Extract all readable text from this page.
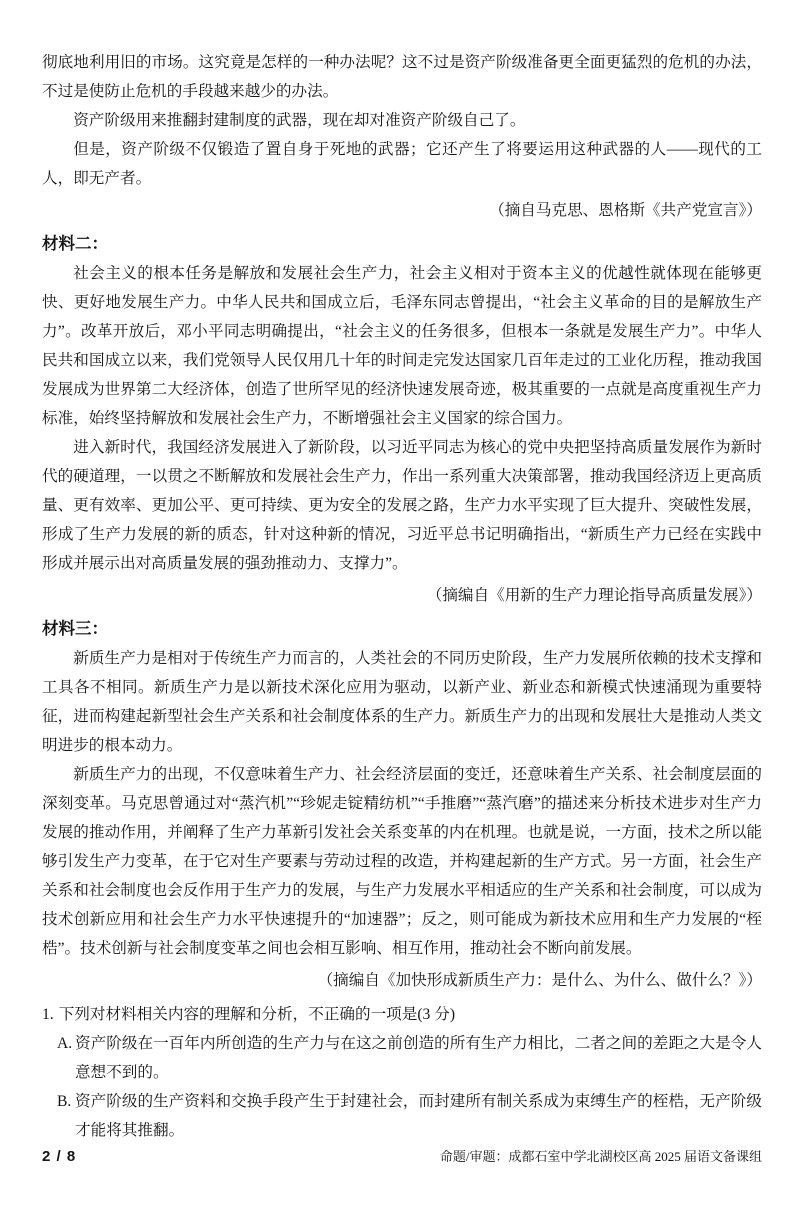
彻底地利用旧的市场。这究竟是怎样的一种办法呢？这不过是资产阶级准备更全面更猛烈的危机的办法，不过是使防止危机的手段越来越少的办法。

资产阶级用来推翻封建制度的武器，现在却对准资产阶级自己了。

但是，资产阶级不仅锻造了置自身于死地的武器；它还产生了将要运用这种武器的人——现代的工人，即无产者。

（摘自马克思、恩格斯《共产党宣言》）

材料二：

社会主义的根本任务是解放和发展社会生产力，社会主义相对于资本主义的优越性就体现在能够更快、更好地发展生产力。中华人民共和国成立后，毛泽东同志曾提出，“社会主义革命的目的是解放生产力”。改革开放后，邓小平同志明确提出，“社会主义的任务很多，但根本一条就是发展生产力”。中华人民共和国成立以来，我们党领导人民仅用几十年的时间走完发达国家几百年走过的工业化历程，推动我国发展成为世界第二大经济体，创造了世所罕见的经济快速发展奇迹，极其重要的一点就是高度重视生产力标准，始终坚持解放和发展社会生产力，不断增强社会主义国家的综合国力。

进入新时代，我国经济发展进入了新阶段，以习近平同志为核心的党中央把坚持高质量发展作为新时代的硬道理，一以贯之不断解放和发展社会生产力，作出一系列重大决策部署，推动我国经济迈上更高质量、更有效率、更加公平、更可持续、更为安全的发展之路，生产力水平实现了巨大提升、突破性发展，形成了生产力发展的新的质态，针对这种新的情况，习近平总书记明确指出，“新质生产力已经在实践中形成并展示出对高质量发展的强劲推动力、支撑力”。

（摘编自《用新的生产力理论指导高质量发展》）

材料三：

新质生产力是相对于传统生产力而言的，人类社会的不同历史阶段，生产力发展所依赖的技术支撑和工具各不相同。新质生产力是以新技术深化应用为驱动，以新产业、新业态和新模式快速涌现为重要特征，进而构建起新型社会生产关系和社会制度体系的生产力。新质生产力的出现和发展壮大是推动人类文明进步的根本动力。

新质生产力的出现，不仅意味着生产力、社会经济层面的变迁，还意味着生产关系、社会制度层面的深刻变革。马克思曾通过对“蒸汽机”“珍妮走锭精纺机”“手推磨”“蒸汽磨”的描述来分析技术进步对生产力发展的推动作用，并阐释了生产力革新引发社会关系变革的内在机理。也就是说，一方面，技术之所以能够引发生产力变革，在于它对生产要素与劳动过程的改造，并构建起新的生产方式。另一方面，社会生产关系和社会制度也会反作用于生产力的发展，与生产力发展水平相适应的生产关系和社会制度，可以成为技术创新应用和社会生产力水平快速提升的“加速器”；反之，则可能成为新技术应用和生产力发展的“桎梏”。技术创新与社会制度变革之间也会相互影响、相互作用，推动社会不断向前发展。

（摘编自《加快形成新质生产力：是什么、为什么、做什么？》）

1. 下列对材料相关内容的理解和分析，不正确的一项是(3 分)
A. 资产阶级在一百年内所创造的生产力与在这之前创造的所有生产力相比，二者之间的差距之大是令人意想不到的。
B. 资产阶级的生产资料和交换手段产生于封建社会，而封建所有制关系成为束缚生产的桎梏，无产阶级才能将其推翻。
2 / 8	命题/审题：成都石室中学北湖校区高 2025 届语文备课组
